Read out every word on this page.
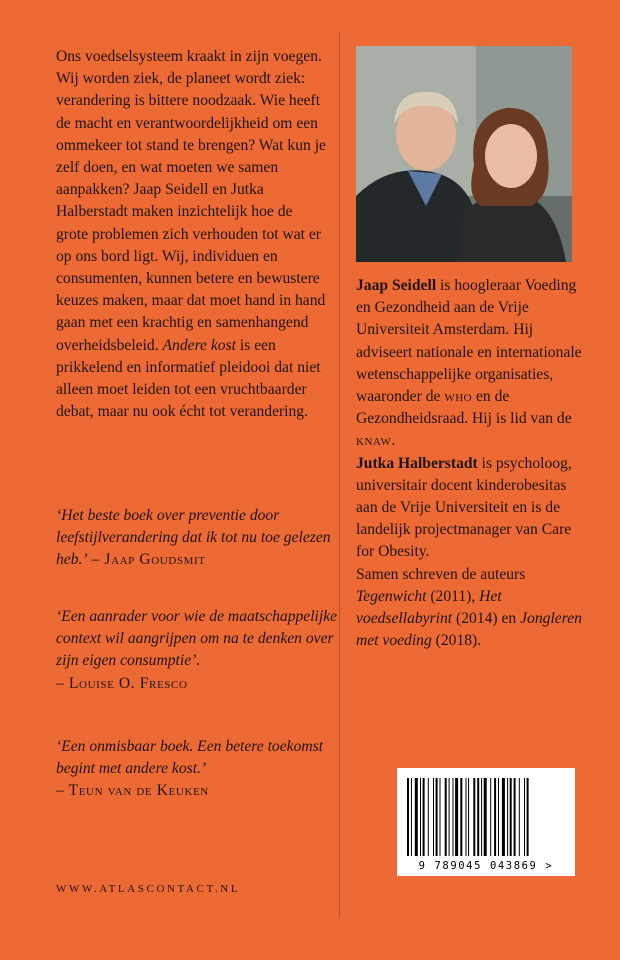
Ons voedselsysteem kraakt in zijn voegen. Wij worden ziek, de planeet wordt ziek: verandering is bittere noodzaak. Wie heeft de macht en verantwoordelijkheid om een ommekeer tot stand te brengen? Wat kun je zelf doen, en wat moeten we samen aanpakken? Jaap Seidell en Jutka Halberstadt maken inzichtelijk hoe de grote problemen zich verhouden tot wat er op ons bord ligt. Wij, individuen en consumenten, kunnen betere en bewustere keuzes maken, maar dat moet hand in hand gaan met een krachtig en samenhangend overheidsbeleid. Andere kost is een prikkelend en informatief pleidooi dat niet alleen moet leiden tot een vruchtbaarder debat, maar nu ook écht tot verandering.

‘Het beste boek over preventie door leefstijlverandering dat ik tot nu toe gelezen heb.’ – Jaap Goudsmit

‘Een aanrader voor wie de maatschappelijke context wil aangrijpen om na te denken over zijn eigen consumptie’.
– Louise O. Fresco

‘Een onmisbaar boek. Een betere toekomst begint met andere kost.’
– Teun van de Keuken

WWW.ATLASCONTACT.NL

Jaap Seidell is hoogleraar Voeding en Gezondheid aan de Vrije Universiteit Amsterdam. Hij adviseert nationale en internationale wetenschappelijke organisaties, waaronder de who en de Gezondheidsraad. Hij is lid van de knaw.
Jutka Halberstadt is psycholoog, universitair docent kinderobesitas aan de Vrije Universiteit en is de landelijk projectmanager van Care for Obesity.
Samen schreven de auteurs Tegenwicht (2011), Het voedsellabyrint (2014) en Jongleren met voeding (2018).

9 789045 043869 >
